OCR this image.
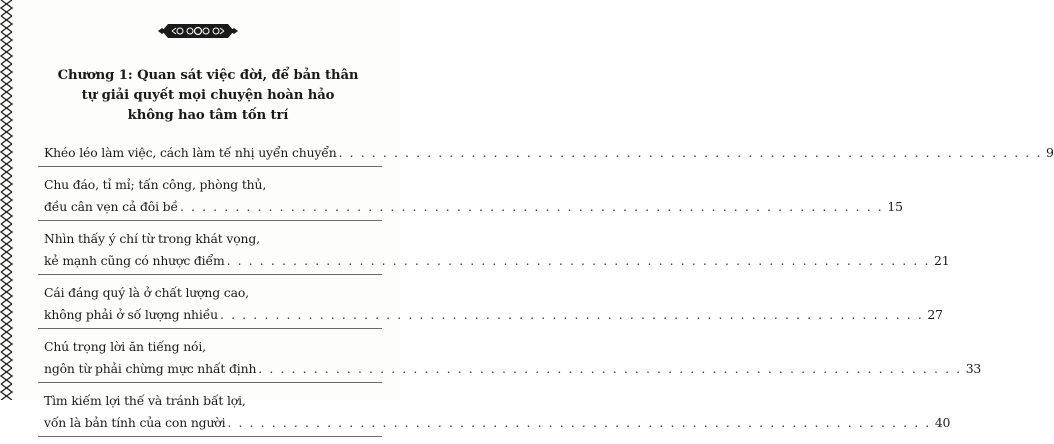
Chương 1: Quan sát việc đời, để bản thân
tự giải quyết mọi chuyện hoàn hảo
không hao tâm tốn trí
Khéo léo làm việc, cách làm tế nhị uyển chuyển . . .	9
Chu đáo, tỉ mỉ; tấn công, phòng thủ,
đều cân vẹn cả đôi bề . . .	15
Nhìn thấy ý chí từ trong khát vọng,
kẻ mạnh cũng có nhược điểm . . .	21
Cái đáng quý là ở chất lượng cao,
không phải ở số lượng nhiều . . .	27
Chú trọng lời ăn tiếng nói,
ngôn từ phải chừng mực nhất định . . .	33
Tìm kiếm lợi thế và tránh bất lợi,
vốn là bản tính của con người . . .	40
